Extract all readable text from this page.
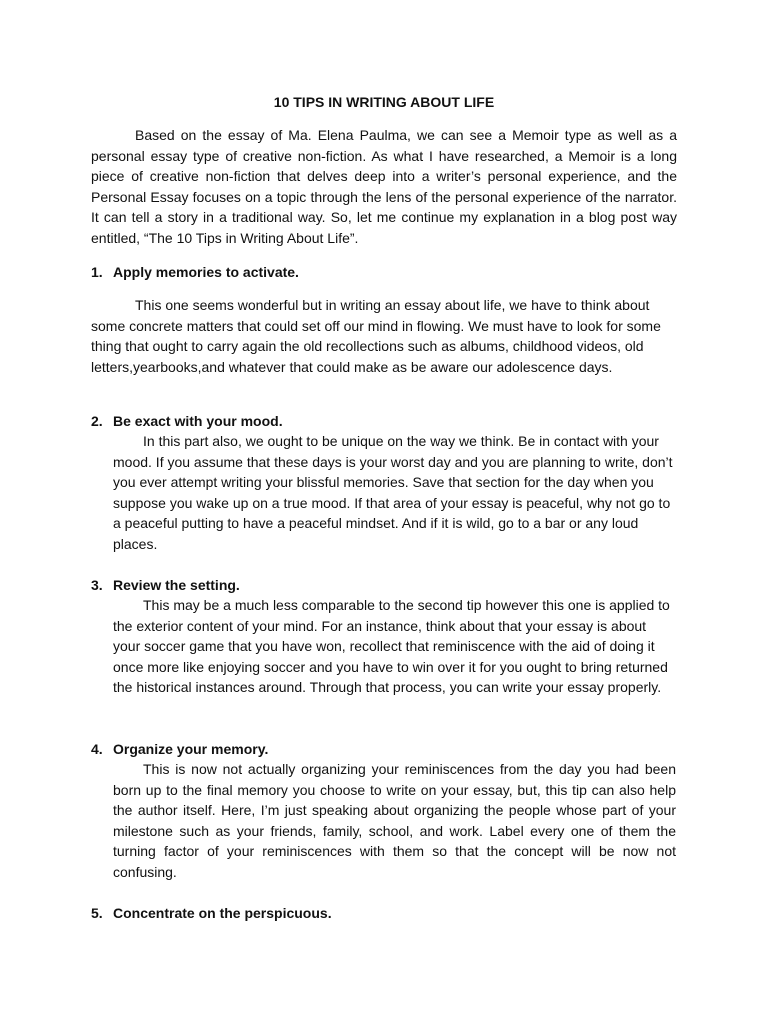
10 TIPS IN WRITING ABOUT LIFE

Based on the essay of Ma. Elena Paulma, we can see a Memoir type as well as a personal essay type of creative non-fiction. As what I have researched, a Memoir is a long piece of creative non-fiction that delves deep into a writer’s personal experience, and the Personal Essay focuses on a topic through the lens of the personal experience of the narrator. It can tell a story in a traditional way. So, let me continue my explanation in a blog post way entitled, “The 10 Tips in Writing About Life”.

1. Apply memories to activate.

This one seems wonderful but in writing an essay about life, we have to think about some concrete matters that could set off our mind in flowing. We must have to look for some thing that ought to carry again the old recollections such as albums, childhood videos, old letters,yearbooks,and whatever that could make as be aware our adolescence days.

2. Be exact with your mood.

In this part also, we ought to be unique on the way we think. Be in contact with your mood. If you assume that these days is your worst day and you are planning to write, don’t you ever attempt writing your blissful memories. Save that section for the day when you suppose you wake up on a true mood. If that area of your essay is peaceful, why not go to a peaceful putting to have a peaceful mindset. And if it is wild, go to a bar or any loud places.

3. Review the setting.

This may be a much less comparable to the second tip however this one is applied to the exterior content of your mind. For an instance, think about that your essay is about your soccer game that you have won, recollect that reminiscence with the aid of doing it once more like enjoying soccer and you have to win over it for you ought to bring returned the historical instances around. Through that process, you can write your essay properly.

4. Organize your memory.

This is now not actually organizing your reminiscences from the day you had been born up to the final memory you choose to write on your essay, but, this tip can also help the author itself. Here, I’m just speaking about organizing the people whose part of your milestone such as your friends, family, school, and work. Label every one of them the turning factor of your reminiscences with them so that the concept will be now not confusing.

5. Concentrate on the perspicuous.
